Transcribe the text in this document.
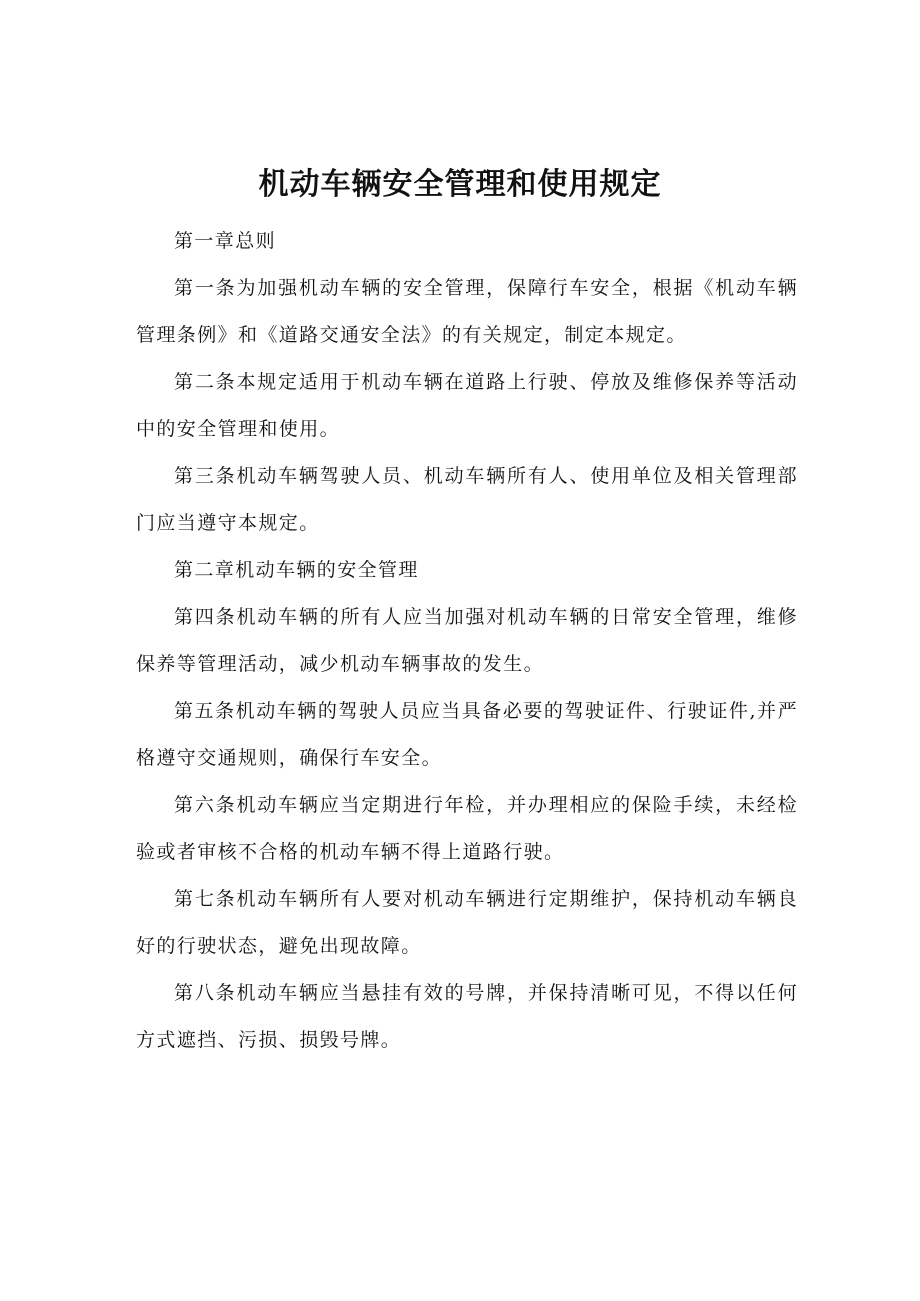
机动车辆安全管理和使用规定

第一章总则

第一条为加强机动车辆的安全管理，保障行车安全，根据《机动车辆管理条例》和《道路交通安全法》的有关规定，制定本规定。

第二条本规定适用于机动车辆在道路上行驶、停放及维修保养等活动中的安全管理和使用。

第三条机动车辆驾驶人员、机动车辆所有人、使用单位及相关管理部门应当遵守本规定。

第二章机动车辆的安全管理

第四条机动车辆的所有人应当加强对机动车辆的日常安全管理，维修保养等管理活动，减少机动车辆事故的发生。

第五条机动车辆的驾驶人员应当具备必要的驾驶证件、行驶证件,并严格遵守交通规则，确保行车安全。

第六条机动车辆应当定期进行年检，并办理相应的保险手续，未经检验或者审核不合格的机动车辆不得上道路行驶。

第七条机动车辆所有人要对机动车辆进行定期维护，保持机动车辆良好的行驶状态，避免出现故障。

第八条机动车辆应当悬挂有效的号牌，并保持清晰可见，不得以任何方式遮挡、污损、损毁号牌。
